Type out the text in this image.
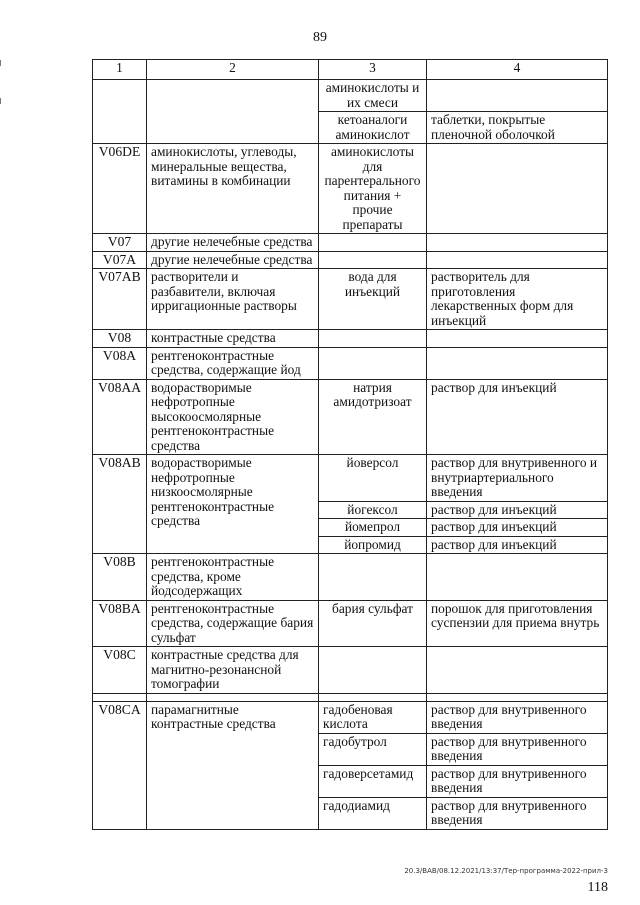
89
1	2	3	4
		аминокислоты и их смеси	
		кетоаналоги аминокислот	таблетки, покрытые пленочной оболочкой
V06DE	аминокислоты, углеводы, минеральные вещества, витамины в комбинации	аминокислоты для парентерального питания + прочие препараты	
V07	другие нелечебные средства		
V07A	другие нелечебные средства		
V07AB	растворители и разбавители, включая ирригационные растворы	вода для инъекций	растворитель для приготовления лекарственных форм для инъекций
V08	контрастные средства		
V08A	рентгеноконтрастные средства, содержащие йод		
V08AA	водорастворимые нефротропные высокоосмолярные рентгеноконтрастные средства	натрия амидотризоат	раствор для инъекций
V08AB	водорастворимые нефротропные низкоосмолярные рентгеноконтрастные средства	йоверсол	раствор для внутривенного и внутриартериального введения
		йогексол	раствор для инъекций
		йомепрол	раствор для инъекций
		йопромид	раствор для инъекций
V08B	рентгеноконтрастные средства, кроме йодсодержащих		
V08BA	рентгеноконтрастные средства, содержащие бария сульфат	бария сульфат	порошок для приготовления суспензии для приема внутрь
V08C	контрастные средства для магнитно-резонансной томографии		

V08CA	парамагнитные контрастные средства	гадобеновая кислота	раствор для внутривенного введения
		гадобутрол	раствор для внутривенного введения
		гадоверсетамид	раствор для внутривенного введения
		гадодиамид	раствор для внутривенного введения
20.3/ВАВ/08.12.2021/13:37/Тер-программа-2022-прил-3
118
